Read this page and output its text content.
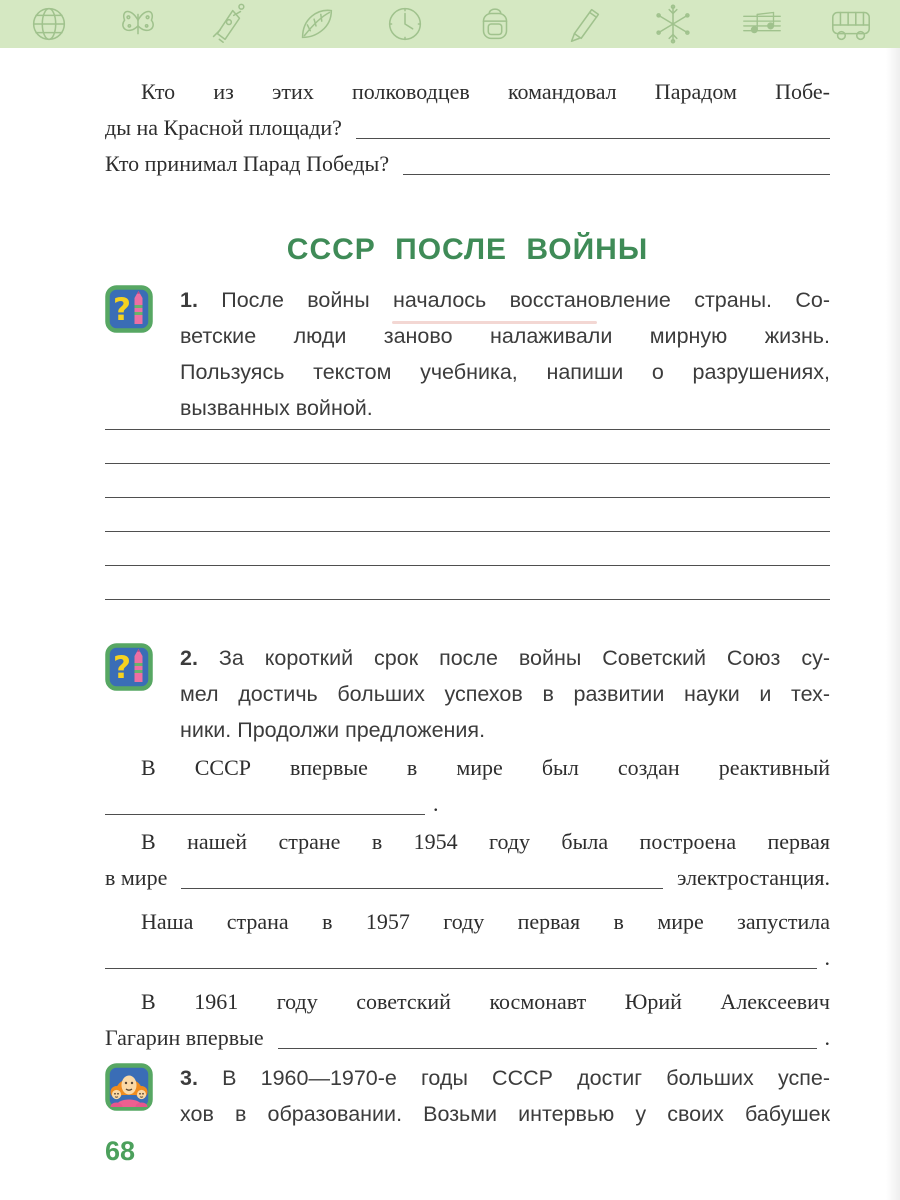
Кто из этих полководцев командовал Парадом Побе-
ды на Красной площади?
Кто принимал Парад Победы?
СССР ПОСЛЕ ВОЙНЫ
? 1. После войны началось восстановление страны. Со-
ветские люди заново налаживали мирную жизнь.
Пользуясь текстом учебника, напиши о разрушениях,
вызванных войной.
? 2. За короткий срок после войны Советский Союз су-
мел достичь больших успехов в развитии науки и тех-
ники. Продолжи предложения.
В СССР впервые в мире был создан реактивный
.
В нашей стране в 1954 году была построена первая
в мире	электростанция.
Наша страна в 1957 году первая в мире запустила
.
В 1961 году советский космонавт Юрий Алексеевич
Гагарин впервые	.
3. В 1960—1970-е годы СССР достиг больших успе-
хов в образовании. Возьми интервью у своих бабушек
68
